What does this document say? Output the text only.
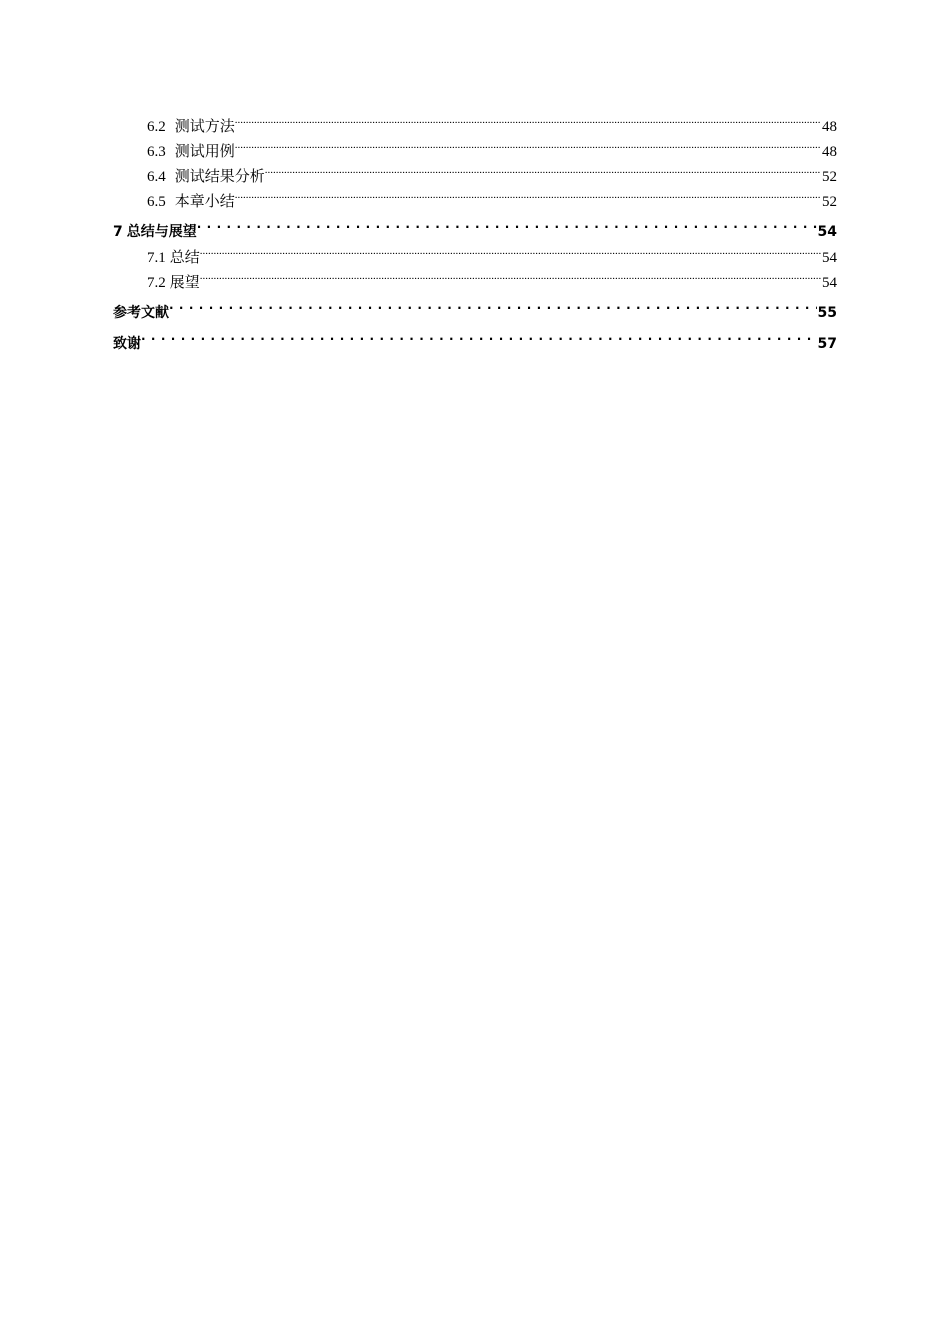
6.2 测试方法 .....	48
6.3 测试用例 .....	48
6.4 测试结果分析 .....	52
6.5 本章小结 .....	52
7 总结与展望 . . .	54
7.1 总结 .....	54
7.2 展望 .....	54
参考文献 . . .	55
致谢 . . .	57
